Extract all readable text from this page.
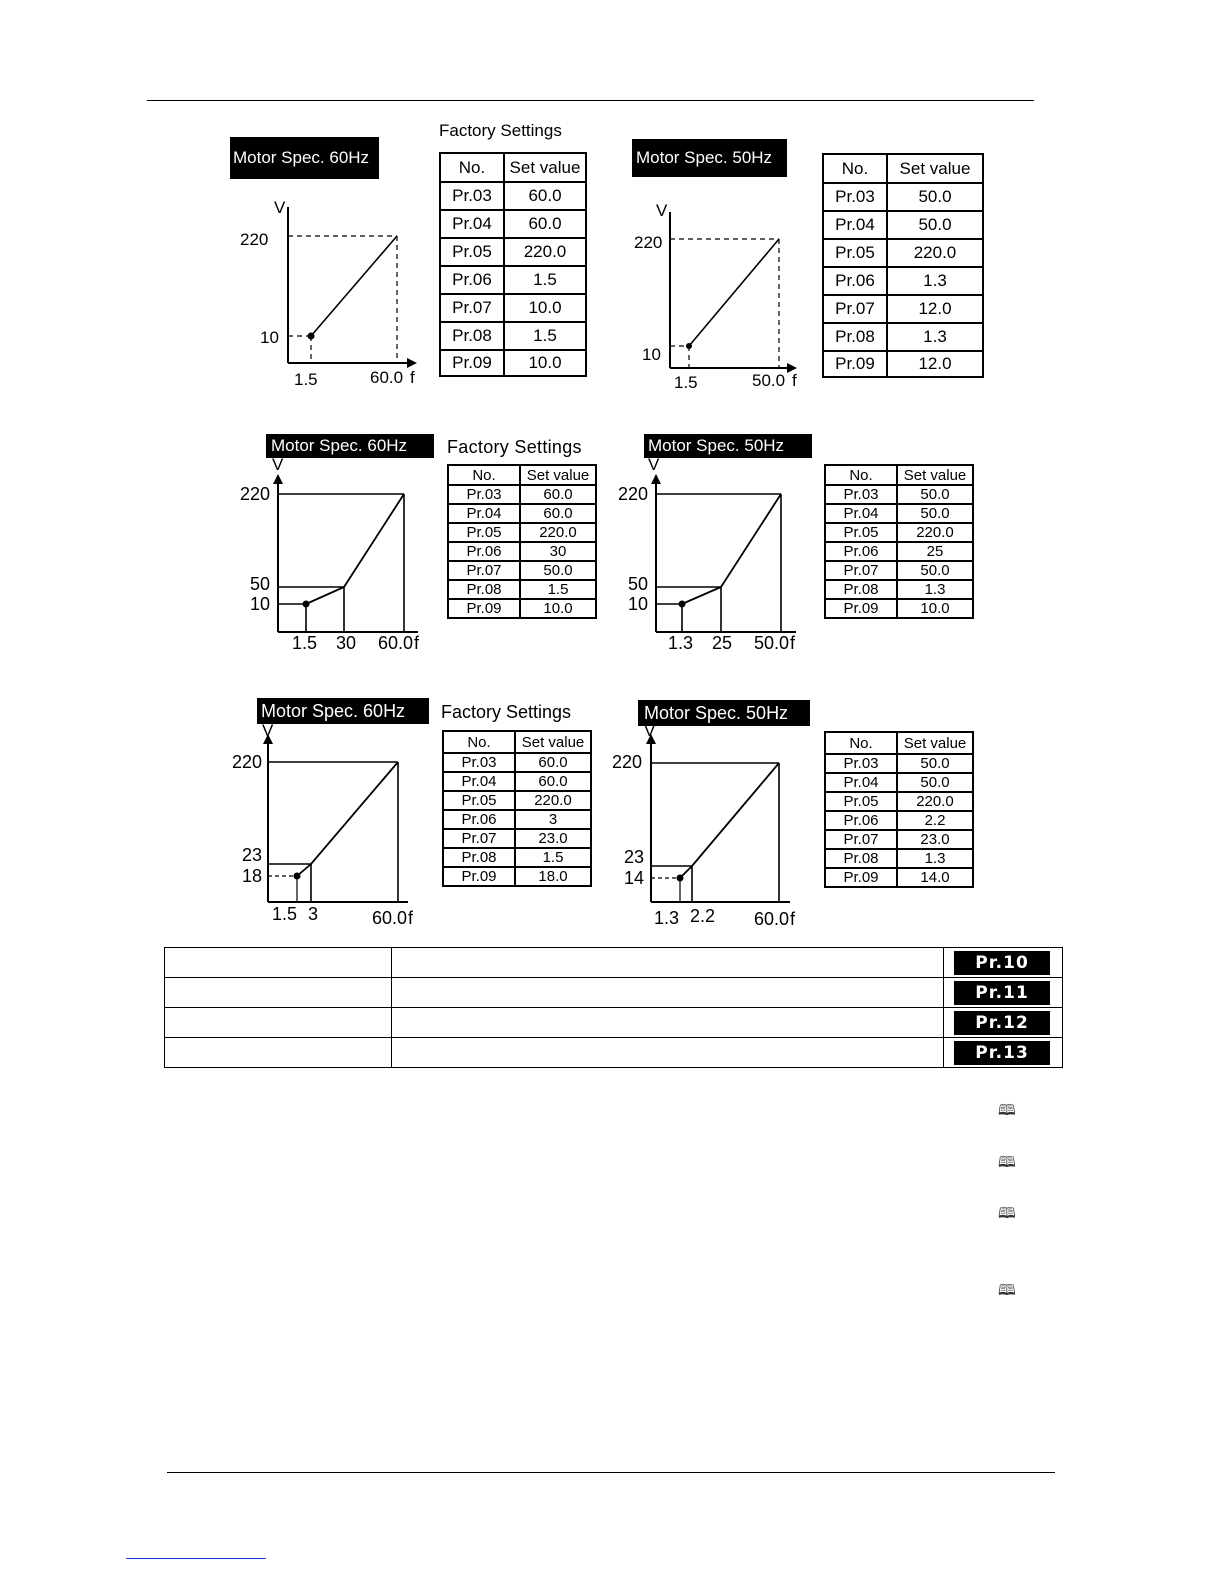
Motor Spec. 60Hz
Factory Settings
V
220
10
1.5	60.0 f
No.	Set value
Pr.03	60.0
Pr.04	60.0
Pr.05	220.0
Pr.06	1.5
Pr.07	10.0
Pr.08	1.5
Pr.09	10.0
Motor Spec. 50Hz
V
220
10
1.5	50.0 f
No.	Set value
Pr.03	50.0
Pr.04	50.0
Pr.05	220.0
Pr.06	1.3
Pr.07	12.0
Pr.08	1.3
Pr.09	12.0
Motor Spec. 60Hz	Factory Settings
V
220
50
10
1.5 30 60.0 f
No.	Set value
Pr.03	60.0
Pr.04	60.0
Pr.05	220.0
Pr.06	30
Pr.07	50.0
Pr.08	1.5
Pr.09	10.0
Motor Spec. 50Hz
V
220
50
10
1.3 25 50.0 f
No.	Set value
Pr.03	50.0
Pr.04	50.0
Pr.05	220.0
Pr.06	25
Pr.07	50.0
Pr.08	1.3
Pr.09	10.0
Motor Spec. 60Hz	Factory Settings
V
220
23
18
1.5 3	60.0 f
No.	Set value
Pr.03	60.0
Pr.04	60.0
Pr.05	220.0
Pr.06	3
Pr.07	23.0
Pr.08	1.5
Pr.09	18.0
Motor Spec. 50Hz
V
220
23
14
1.3 2.2 60.0 f
No.	Set value
Pr.03	50.0
Pr.04	50.0
Pr.05	220.0
Pr.06	2.2
Pr.07	23.0
Pr.08	1.3
Pr.09	14.0
		Pr.10
		Pr.11
		Pr.12
		Pr.13
🕮
🕮
🕮
🕮
